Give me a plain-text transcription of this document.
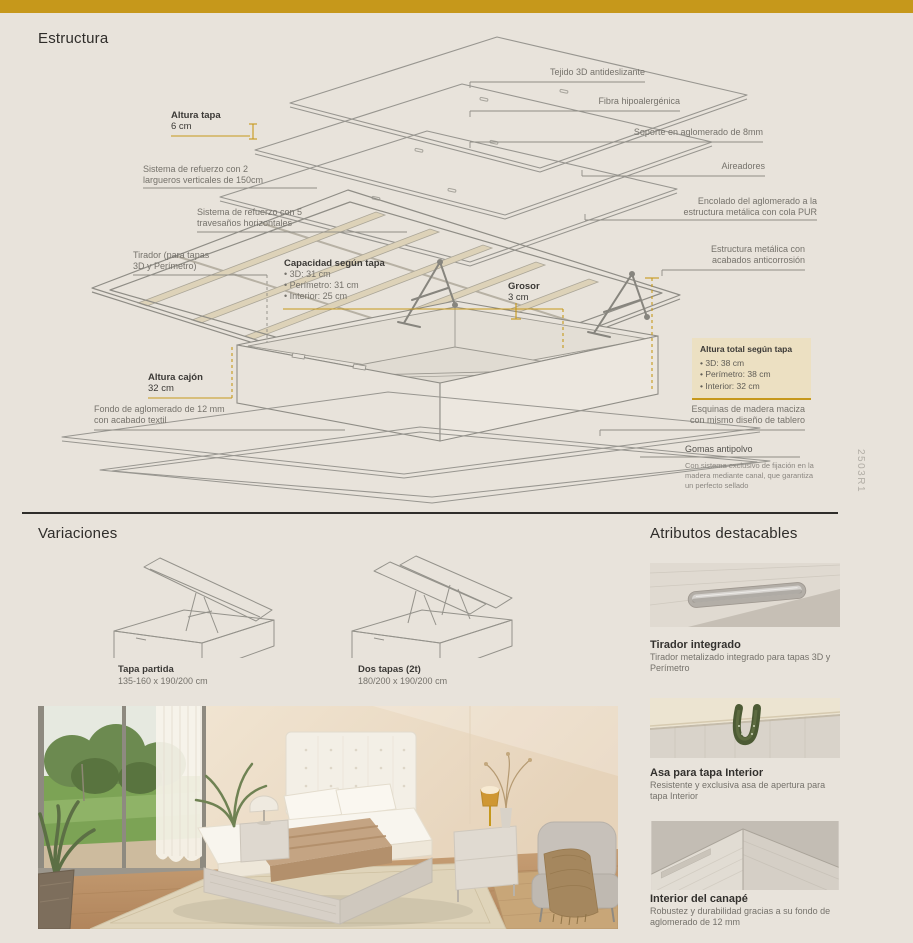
Estructura
Altura tapa
6 cm
Sistema de refuerzo con 2
largueros verticales de 150cm
Sistema de refuerzo con 5
travesaños horizontales
Tirador (para tapas
3D y Perímetro)	Capacidad según tapa
• 3D: 31 cm
• Perímetro: 31 cm
• Interior: 25 cm
Grosor
3 cm
Altura cajón
32 cm
Fondo de aglomerado de 12 mm
con acabado textil
Tejido 3D antideslizante
Fibra hipoalergénica
Soporte en aglomerado de 8mm
Aireadores
Encolado del aglomerado a la
estructura metálica con cola PUR
Estructura metálica con
acabados anticorrosión
Esquinas de madera maciza
con mismo diseño de tablero
Gomas antipolvo
Con sistema exclusivo de fijación en la
madera mediante canal, que garantiza
un perfecto sellado
Altura total según tapa
• 3D: 38 cm
• Perímetro: 38 cm
• Interior: 32 cm
2503R1
Variaciones
Tapa partida
135-160 x 190/200 cm
Dos tapas (2t)
180/200 x 190/200 cm
Atributos destacables
Tirador integrado
Tirador metalizado integrado para tapas 3D y Perímetro
Asa para tapa Interior
Resistente y exclusiva asa de apertura para tapa Interior
Interior del canapé
Robustez y durabilidad gracias a su fondo de aglomerado de 12 mm
